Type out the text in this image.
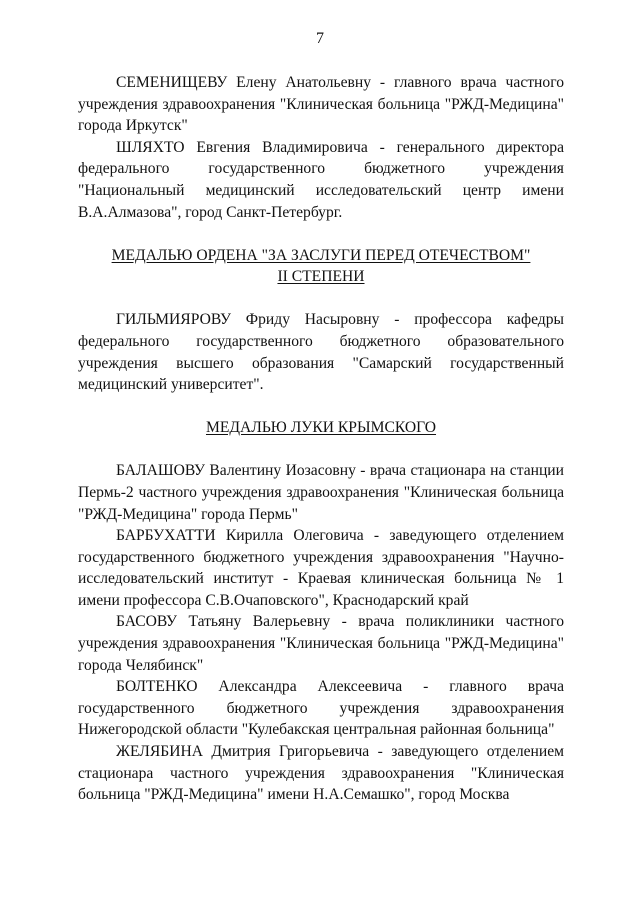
7

СЕМЕНИЩЕВУ Елену Анатольевну - главного врача частного учреждения здравоохранения "Клиническая больница "РЖД-Медицина" города Иркутск"

ШЛЯХТО Евгения Владимировича - генерального директора федерального государственного бюджетного учреждения "Национальный медицинский исследовательский центр имени В.А.Алмазова", город Санкт-Петербург.

МЕДАЛЬЮ ОРДЕНА "ЗА ЗАСЛУГИ ПЕРЕД ОТЕЧЕСТВОМ"

II СТЕПЕНИ

ГИЛЬМИЯРОВУ Фриду Насыровну - профессора кафедры федерального государственного бюджетного образовательного учреждения высшего образования "Самарский государственный медицинский университет".

МЕДАЛЬЮ ЛУКИ КРЫМСКОГО

БАЛАШОВУ Валентину Иозасовну - врача стационара на станции Пермь-2 частного учреждения здравоохранения "Клиническая больница "РЖД-Медицина" города Пермь"

БАРБУХАТТИ Кирилла Олеговича - заведующего отделением государственного бюджетного учреждения здравоохранения "Научно-исследовательский институт - Краевая клиническая больница № 1 имени профессора С.В.Очаповского", Краснодарский край

БАСОВУ Татьяну Валерьевну - врача поликлиники частного учреждения здравоохранения "Клиническая больница "РЖД-Медицина" города Челябинск"

БОЛТЕНКО Александра Алексеевича - главного врача государственного бюджетного учреждения здравоохранения Нижегородской области "Кулебакская центральная районная больница"

ЖЕЛЯБИНА Дмитрия Григорьевича - заведующего отделением стационара частного учреждения здравоохранения "Клиническая больница "РЖД-Медицина" имени Н.А.Семашко", город Москва
